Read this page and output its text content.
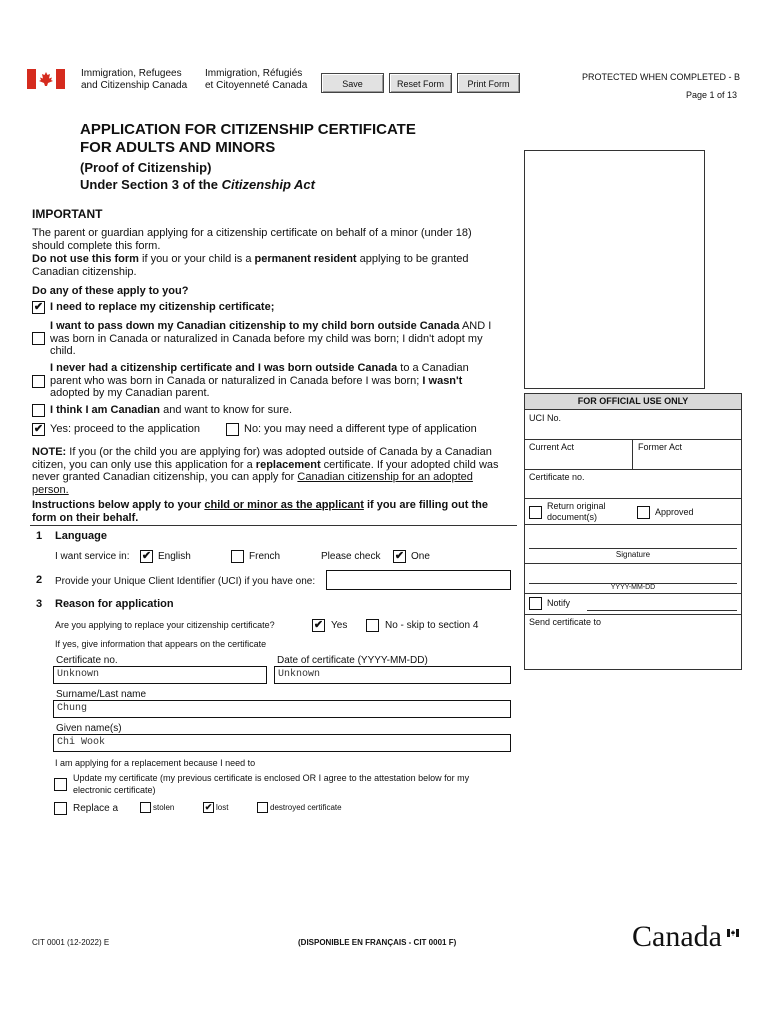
Immigration, Refugees
and Citizenship Canada
Immigration, Réfugiés
et Citoyenneté Canada	Save	Reset Form	Print Form
PROTECTED WHEN COMPLETED - B
Page 1 of 13
APPLICATION FOR CITIZENSHIP CERTIFICATE
FOR ADULTS AND MINORS
(Proof of Citizenship)
Under Section 3 of the Citizenship Act
IMPORTANT
The parent or guardian applying for a citizenship certificate on behalf of a minor (under 18) should complete this form.
Do not use this form if you or your child is a permanent resident applying to be granted Canadian citizenship.
Do any of these apply to you?
✔ I need to replace my citizenship certificate;
I want to pass down my Canadian citizenship to my child born outside Canada AND I was born in Canada or naturalized in Canada before my child was born; I didn't adopt my child.
I never had a citizenship certificate and I was born outside Canada to a Canadian parent who was born in Canada or naturalized in Canada before I was born; I wasn't adopted by my Canadian parent.
I think I am Canadian and want to know for sure.
✔ Yes: proceed to the application	No: you may need a different type of application
NOTE: If you (or the child you are applying for) was adopted outside of Canada by a Canadian citizen, you can only use this application for a replacement certificate. If your adopted child was never granted Canadian citizenship, you can apply for Canadian citizenship for an adopted person.
Instructions below apply to your child or minor as the applicant if you are filling out the form on their behalf.
1 Language
I want service in: ✔ English	French	Please check ✔ One
2 Provide your Unique Client Identifier (UCI) if you have one:
3 Reason for application
Are you applying to replace your citizenship certificate?	✔ Yes	No - skip to section 4
If yes, give information that appears on the certificate
Certificate no.
Unknown
Date of certificate (YYYY-MM-DD)
Unknown
Surname/Last name
Chung
Given name(s)
Chi Wook
I am applying for a replacement because I need to
Update my certificate (my previous certificate is enclosed OR I agree to the attestation below for my electronic certificate)
Replace a	stolen	✔ lost	destroyed certificate
FOR OFFICIAL USE ONLY
UCI No.
Current Act	Former Act
Certificate no.
Return original document(s)	Approved
Signature
YYYY-MM-DD
Notify
Send certificate to
CIT 0001 (12-2022) E	(DISPONIBLE EN FRANÇAIS - CIT 0001 F)	Canada
